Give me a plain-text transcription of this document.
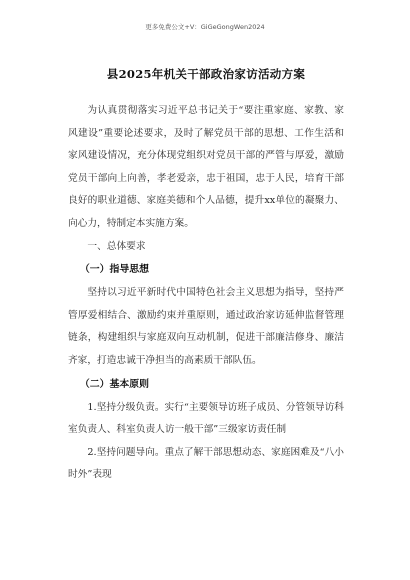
更多免费公文+V：GiGeGongWen2024
县2025年机关干部政治家访活动方案

为认真贯彻落实习近平总书记关于“要注重家庭、家教、家风建设”重要论述要求，及时了解党员干部的思想、工作生活和家风建设情况，充分体现党组织对党员干部的严管与厚爱，激励党员干部向上向善，孝老爱亲，忠于祖国，忠于人民，培育干部良好的职业道德、家庭美德和个人品德，提升xx单位的凝聚力、向心力，特制定本实施方案。

一、总体要求
（一）指导思想

坚持以习近平新时代中国特色社会主义思想为指导，坚持严管厚爱相结合、激励约束并重原则，通过政治家访延伸监督管理链条，构建组织与家庭双向互动机制，促进干部廉洁修身、廉洁齐家，打造忠诚干净担当的高素质干部队伍。

（二）基本原则

1.坚持分级负责。实行“主要领导访班子成员、分管领导访科室负责人、科室负责人访一般干部”三级家访责任制

2.坚持问题导向。重点了解干部思想动态、家庭困难及“八小时外”表现
